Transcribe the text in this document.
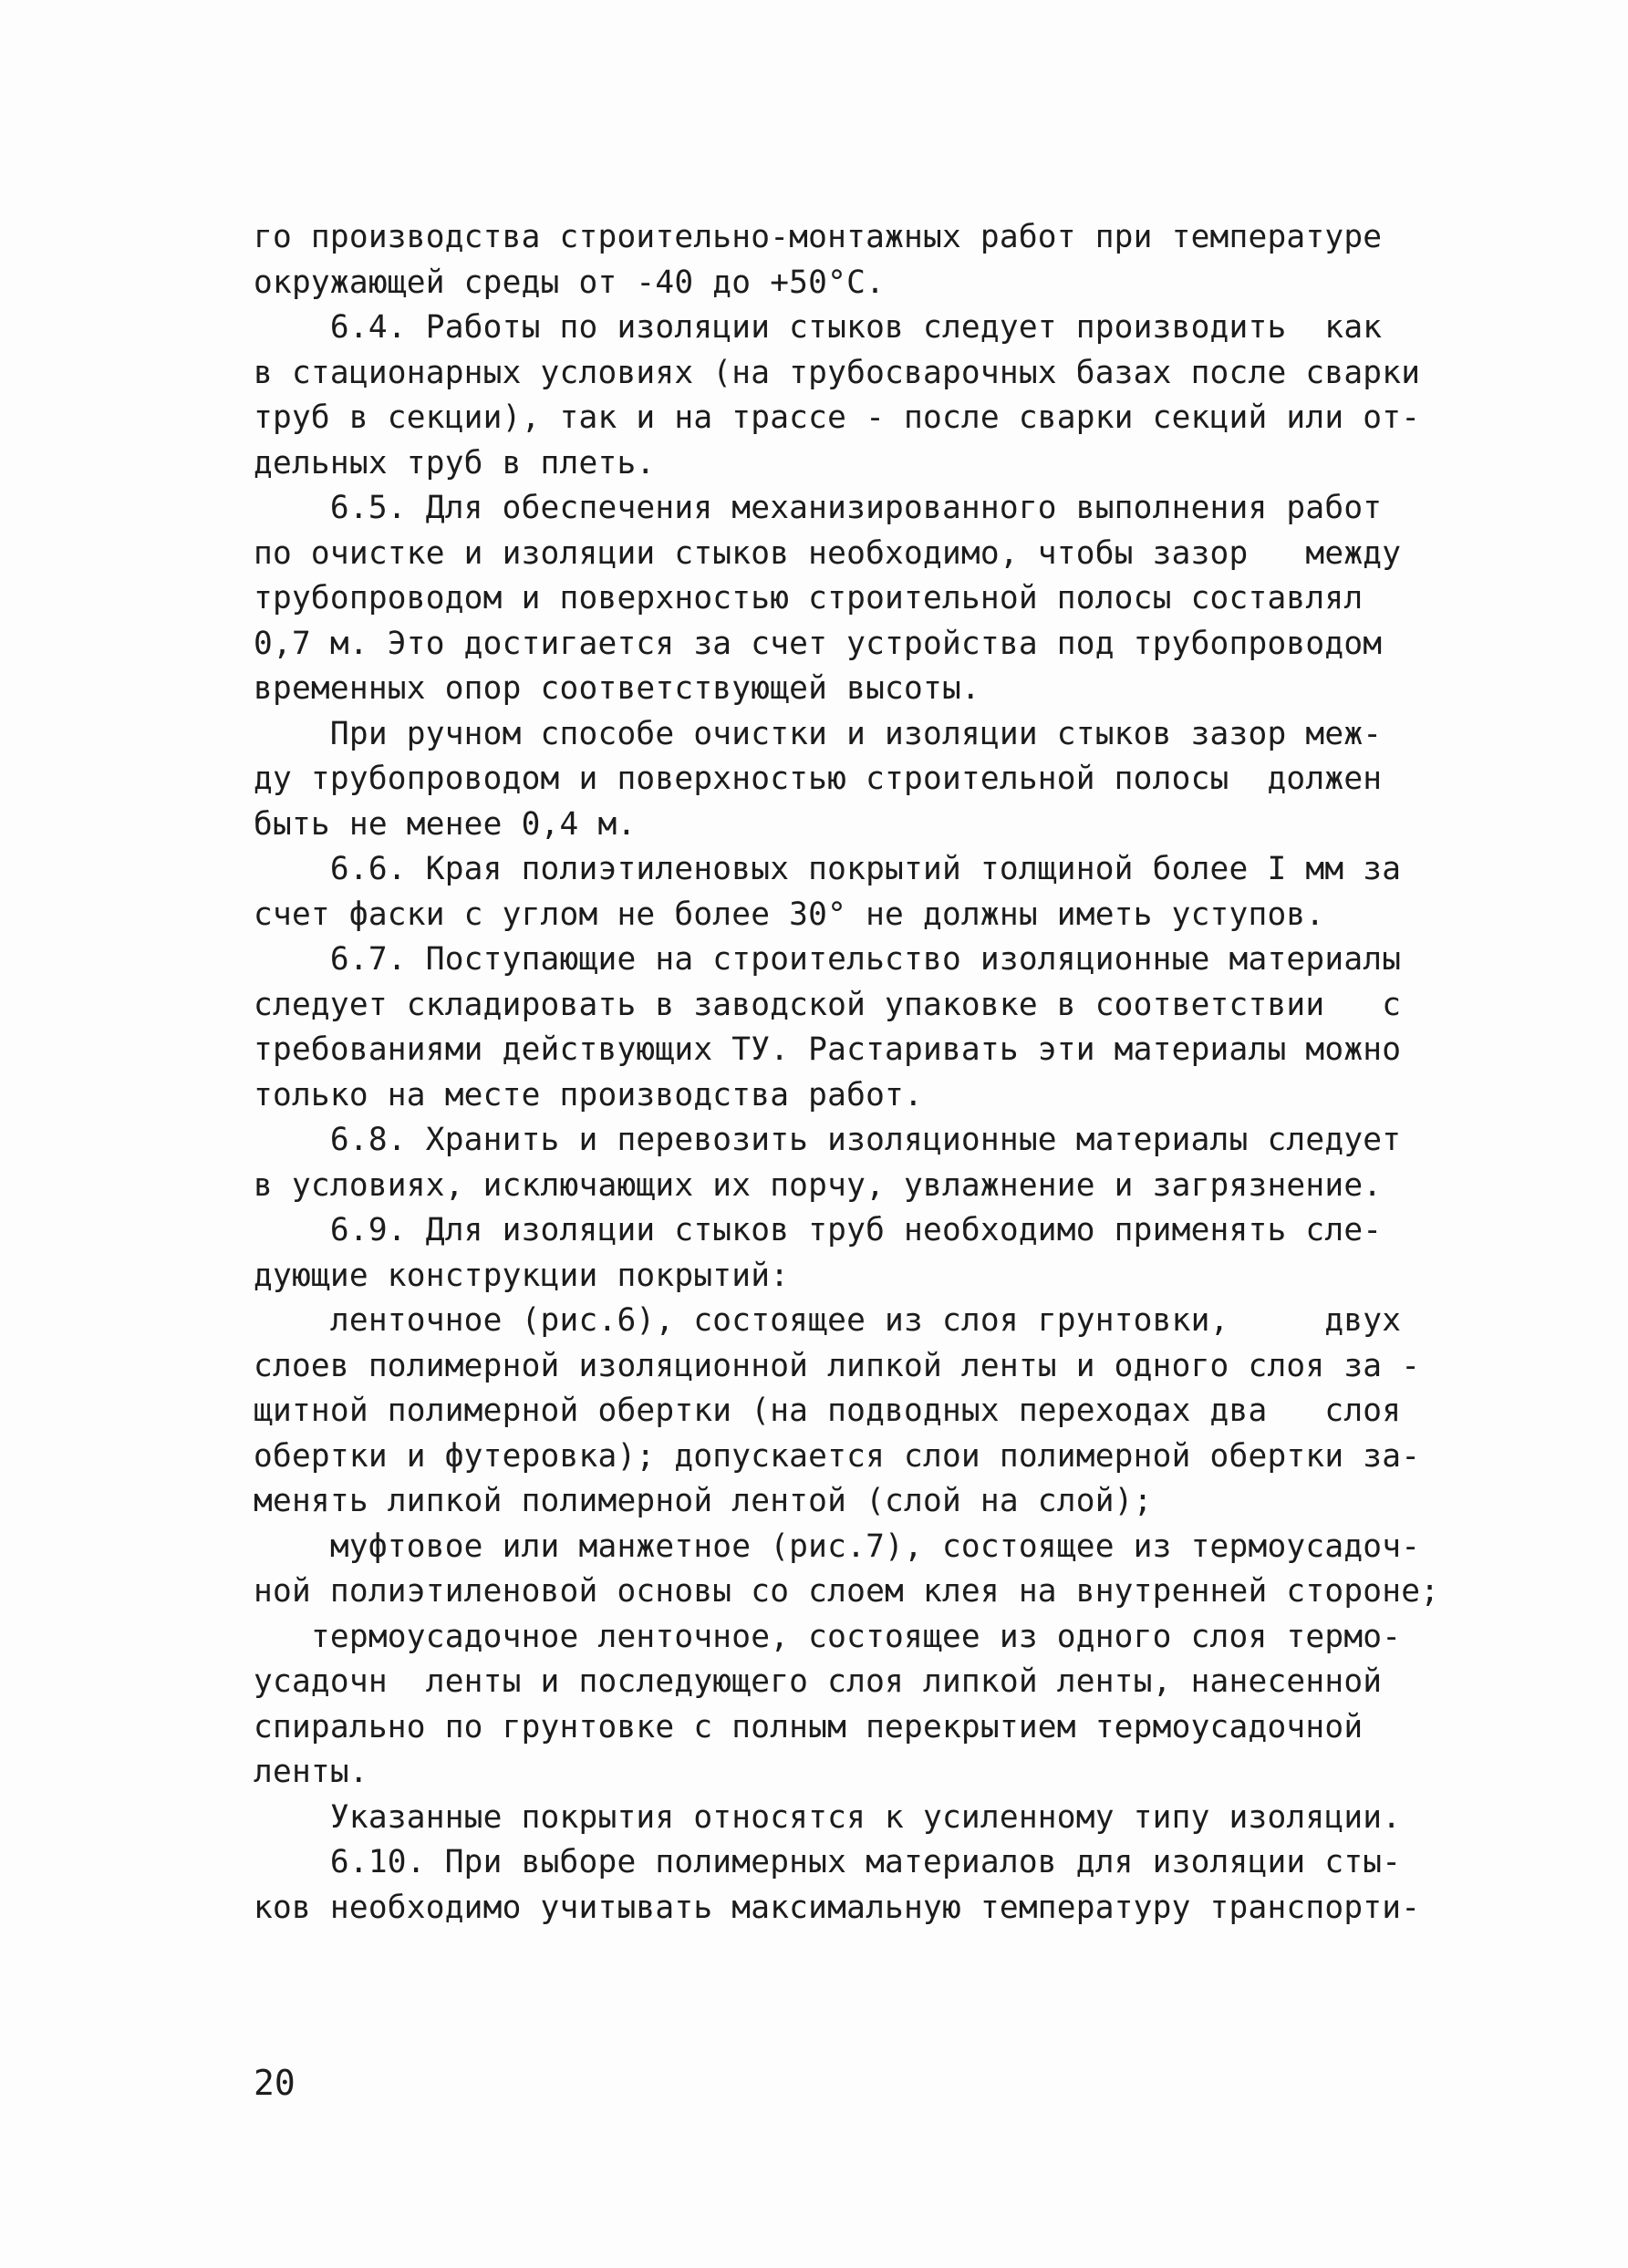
го производства строительно-монтажных работ при температуре
окружающей среды от -40 до +50°С.
6.4. Работы по изоляции стыков следует производить  как
в стационарных условиях (на трубосварочных базах после сварки
труб в секции), так и на трассе - после сварки секций или от-
дельных труб в плеть.
6.5. Для обеспечения механизированного выполнения работ
по очистке и изоляции стыков необходимо, чтобы зазор   между
трубопроводом и поверхностью строительной полосы составлял
0,7 м. Это достигается за счет устройства под трубопроводом
временных опор соответствующей высоты.
При ручном способе очистки и изоляции стыков зазор меж-
ду трубопроводом и поверхностью строительной полосы  должен
быть не менее 0,4 м.
6.6. Края полиэтиленовых покрытий толщиной более I мм за
счет фаски с углом не более 30° не должны иметь уступов.
6.7. Поступающие на строительство изоляционные материалы
следует складировать в заводской упаковке в соответствии   с
требованиями действующих ТУ. Растаривать эти материалы можно
только на месте производства работ.
6.8. Хранить и перевозить изоляционные материалы следует
в условиях, исключающих их порчу, увлажнение и загрязнение.
6.9. Для изоляции стыков труб необходимо применять сле-
дующие конструкции покрытий:
ленточное (рис.6), состоящее из слоя грунтовки,     двух
слоев полимерной изоляционной липкой ленты и одного слоя за -
щитной полимерной обертки (на подводных переходах два   слоя
обертки и футеровка); допускается слои полимерной обертки за-
менять липкой полимерной лентой (слой на слой);
муфтовое или манжетное (рис.7), состоящее из термоусадоч-
ной полиэтиленовой основы со слоем клея на внутренней стороне;
термоусадочное ленточное, состоящее из одного слоя термо-
усадочн  ленты и последующего слоя липкой ленты, нанесенной
спирально по грунтовке с полным перекрытием термоусадочной
ленты.
Указанные покрытия относятся к усиленному типу изоляции.
6.10. При выборе полимерных материалов для изоляции сты-
ков необходимо учитывать максимальную температуру транспорти-
20
